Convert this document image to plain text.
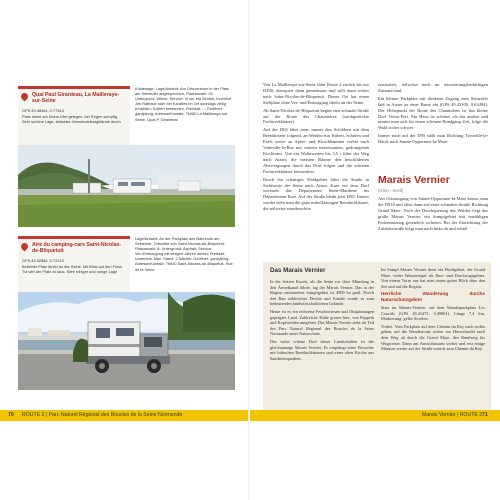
Quai Paul Girardeau, La Mailleraye-sur-Seine
GPS 49.48461, 0.77343
Platz direkt am Seine-Ufer gelegen, bei Regen sumpfig. Sehr schöne Lage, teilweise Gemeindefestgelände durch
Küsterlage: Lage/Anfahrt: Am Ortszentrum in der Platz am Seineufer angesprochen, Platzanzahl: 25; Untergrund: Wiese; Service: Vi sur est Sentes, Innenhof Jim Rathaus oder bei Karaftes im Ort sonntags zeitig erhältlich; Sollten bestanden, Preiskat.: -; Geöffnet: ganzjährig; Adresse/Kontakt: 76480 La Mailleraye-sur-Seine, Quai P. Girardeau
Aire du camping-cars Saint-Nicolas-de-Bliquetuit
GPS 49.52884, 0.72219
Beliebter Platz direkt an der Seine. Mit Blick auf den Fluss. Tut wirt der Platz zu laus. Sehr ruhiger und ruhige Lage
Lage/Anfahrt: An der Parkplatz des Bahnhofs am Seineufer, Ortsmitte von Saint-Nicolas-de-Bliquetuit; Platzanzahl: 8; Untergrund: Asphalt; Service: Ver-/Entsorgung mit einigen Jahren defekt; Preiskat.: kostenlos; Max. Stand: 2 Nächte; Geöffnet: ganzjährig; Adresse/Kontakt: 76940 Saint-Nicolas-de-Bliquetuit, Rue de la Seine
70 ROUTE 2 | Parc Naturel Régional des Boucles de la Seine Normande

Von La Mailleraye-sur-Seine fährt Route 2 zurück bis zur D490, überquert dann gemeinsam und rollt dann weiter nach Saint-Nicolas-de-Bliquetuit. Dieser Ort hat einen Stellplatz ohne Ver- und Entsorgung direkt an der Seine.

Ab Saint-Nicolas-de-Bliquetuit begint eine schmale Straße auf der Route des Chaumières (strohgedeckte Fachwerkhäuser).

Auf der D65 fährt man, immer den Schildern mit dem Reetdächern folgend, an Weiden mit Kühen, Schafen und Esels sowie an Apfel- und Kirschbäumen vorbei nach Vatteville-la-Rue mit seinem interessanten, gedrungenen Kirchturm. Von ein Wohnwerten bis 3,5 t führt der Weg nach Aizier, die meisten Räume den beschilderten Abzweigungen durch das Dorf folgen und die schönen Fachwerkhäuser bewundern.

Durch ein schattiges Waldgebiet führt die Straße in Sichtweite der Seine nach Aizier. Kurz vor dem Dorf wechselt das Département Seine-Maritime ins Département Eure. Auf der Straße bleibt jetzt D95. Immer wieder sieht man die ganz mittelklassigen Reetdachhäuser, die teilweise wunderschön

restauriert, teilweise noch im renovierungsbedürftigen Zustand sind.

Ein kleiner Parkplatz mit direktem Zugang zum Seineufer lädt in Aizier zu einer Pause ein (GPS 49.43100, 0.63494). Der Höhepunkt der Route des Chaumières ist das kleine Dorf Vieux-Port. Ein Haus ist schöner als das andere und nimmt man sich für einen schönen Rundgang Zeit, folge die Wald sicher schwer.

Immer noch auf der D95 stößt man Richtung Trouville-la-Haule nach Sainte-Opportune-la-Mare.

Marais Vernier
(Grün - Seeli)

Am Ortsausgang von Sainte-Opportune-la-Mare kreuzt man die D810 und fährt dann auf einer schmalen Straße Richtung Grand Mare. Nach der Durchquerung des Waldes liegt das große Marais Vernier, ein Sumpfgebiet mit unzähligen Feriennutzung gesetzlich sicheren. Bei der Einrichtung der Zufahrtsstraße biegt man nach links ab und erhält

Das Marais Vernier

In der letzten Eiszeit, als die Seine vor ihrer Mündung in den Ärmelkanal führte, lag der Marais Vernier. Das in der Region entstandene Sumpfgebiet ist 4900 ha groß. Durch den Bau zahlreicher Deiche und Kanäle wurde es zum bedeutenden landwirtschaftlichen Gelände.

Heute ist es ein teilweise Feuchtwiesen und Obstplantagen geprägtes Land. Zahlreiche Kühe grasen hier, von Pappeln und Kopfweiden umgeben. Das Marais Vernier steht als Teil des Parc Naturel Régional des Boucles de la Seine Normande unter Naturschutz.

Das weite schöne Dorf dieser Landschaften ist der gleichnamige Marais Vernier. Es empfängt seine Besucher mit hübschen Reetdachhäusern und einer alten Kirche aus Sandsteinquadern.

Im Sumpf Marais Vernier dient ein Hochgebiet, der Grand Mare, vieler Wasservögel als Rast- und Durchzugsgebiet. Von einem Turm aus hat man einen guten Blick über den See und auf die Region.

Herrliche Wanderung durchs Naturschutzgebiet

Start im Marais-Vernier: auf dem Wanderparkplatz Les Courtils (GPS 49.41473, 0.49861). Länge 7,4 km, Markierung: gelbe Streifen.

Vorbei: Vom Parkplatz auf dem Chemin du Roy nach rechts gehen, auf die Wanderroute weiter zur Hinweistafel nach dem Weg ab durch die Grand Mare, den Rundweg bis Wegweiser. Dann am Aussichtsturm vorbei und erst einige Minuten weiter auf der Straße zurück zum Chemin du Roy.

Marais Vernier | ROUTE 2 71
